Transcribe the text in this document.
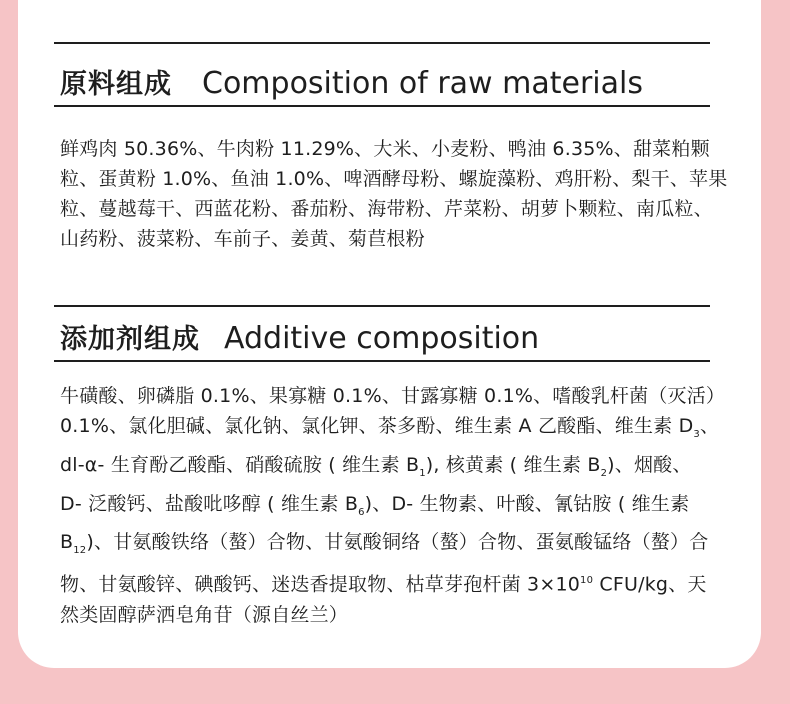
原料组成 Composition of raw materials
鲜鸡肉 50.36%、牛肉粉 11.29%、大米、小麦粉、鸭油 6.35%、甜菜粕颗
粒、蛋黄粉 1.0%、鱼油 1.0%、啤酒酵母粉、螺旋藻粉、鸡肝粉、梨干、苹果
粒、蔓越莓干、西蓝花粉、番茄粉、海带粉、芹菜粉、胡萝卜颗粒、南瓜粒、
山药粉、菠菜粉、车前子、姜黄、菊苣根粉
添加剂组成 Additive composition
牛磺酸、卵磷脂 0.1%、果寡糖 0.1%、甘露寡糖 0.1%、嗜酸乳杆菌（灭活）
0.1%、氯化胆碱、氯化钠、氯化钾、茶多酚、维生素 A 乙酸酯、维生素 $D_3$、
dl-α- 生育酚乙酸酯、硝酸硫胺 ( 维生素 $B_1$), 核黄素 ( 维生素 $B_2$)、烟酸、
D- 泛酸钙、盐酸吡哆醇 ( 维生素 $B_6$)、D- 生物素、叶酸、氰钴胺 ( 维生素
$B_{12}$)、甘氨酸铁络（螯）合物、甘氨酸铜络（螯）合物、蛋氨酸锰络（螯）合
物、甘氨酸锌、碘酸钙、迷迭香提取物、枯草芽孢杆菌 $3\times 10^{10}$ CFU/kg、天
然类固醇萨洒皂角苷（源自丝兰）
